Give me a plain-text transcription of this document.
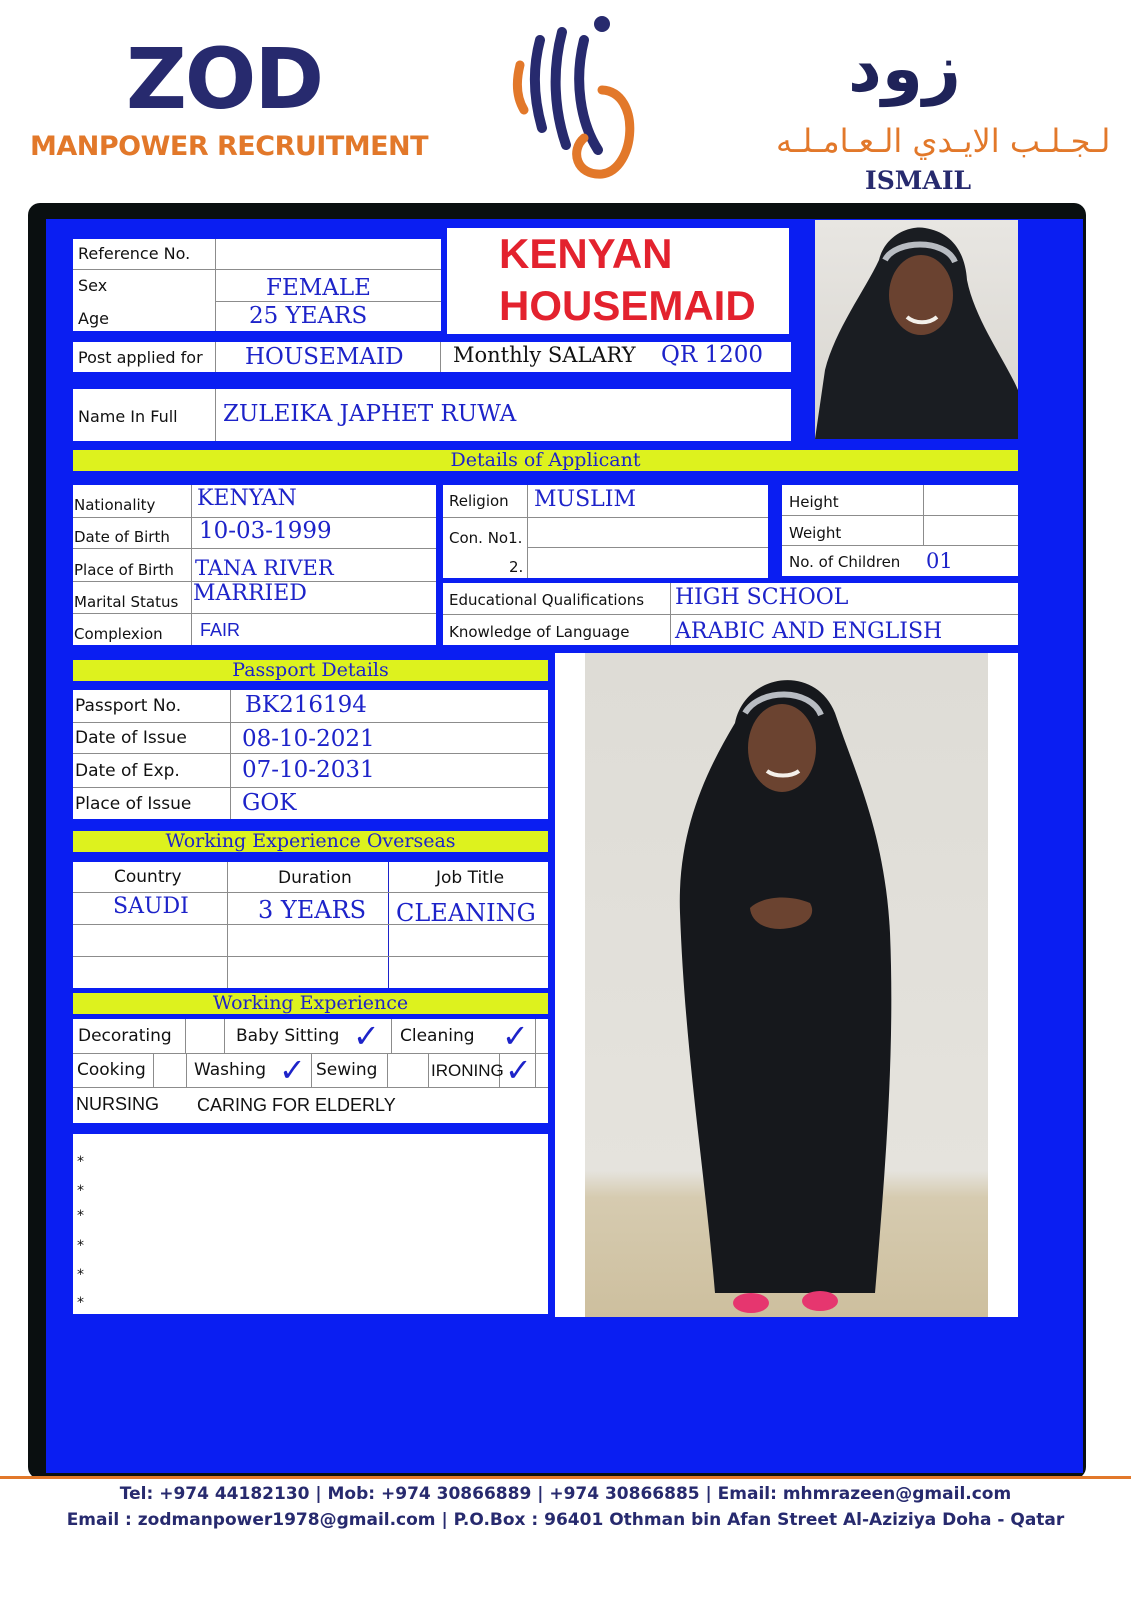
ZOD
MANPOWER RECRUITMENT
زود
لـجـلـب الايـدي الـعـامـلـه
ISMAIL
Reference No.
Sex	FEMALE
Age	25 YEARS
KENYAN
HOUSEMAID
Post applied for HOUSEMAID Monthly SALARY QR 1200
Name In Full ZULEIKA JAPHET RUWA
Details of Applicant
Nationality KENYAN
Date of Birth 10-03-1999
Place of Birth TANA RIVER
Marital Status MARRIED
Complexion FAIR
Religion MUSLIM
Con. No1.
2.
Height
Weight
No. of Children 01
Educational Qualifications HIGH SCHOOL
Knowledge of Language ARABIC AND ENGLISH
Passport Details
Passport No.	BK216194
Date of Issue 08-10-2021
Date of Exp.	07-10-2031
Place of Issue GOK
Working Experience Overseas
Country	Duration	Job Title
SAUDI	3 YEARS CLEANING
Working Experience
Decorating	Baby Sitting ✓ Cleaning ✓
Cooking	Washing ✓ Sewing	IRONING ✓
NURSING CARING FOR ELDERLY
*
*
*
*
*
*
Tel: +974 44182130 | Mob: +974 30866889 | +974 30866885 | Email: mhmrazeen@gmail.com
Email : zodmanpower1978@gmail.com | P.O.Box : 96401 Othman bin Afan Street Al-Aziziya Doha - Qatar
